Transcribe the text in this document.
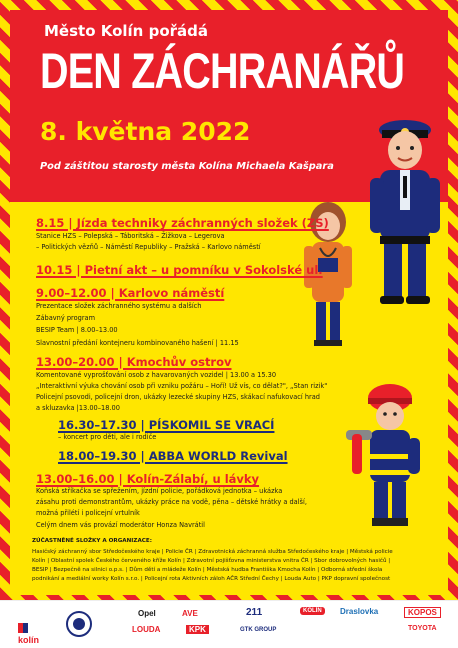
Město Kolín pořádá
DEN ZÁCHRANÁŘŮ
8. května 2022
Pod záštitou starosty města Kolína Michaela Kašpara
8.15 | Jízda techniky záchranných složek (ZS)
Stanice HZS – Polepská – Táboritská – Žižkova – Legerova
– Politických vězňů – Náměstí Republiky – Pražská – Karlovo náměstí
10.15 | Pietní akt – u pomníku v Sokolské ul.
9.00–12.00 | Karlovo náměstí
Prezentace složek záchranného systému a dalších
Zábavný program
BESIP Team | 8.00–13.00
Slavnostní předání kontejneru kombinovaného hašení | 11.15
13.00–20.00 | Kmochův ostrov
Komentované vyprošťování osob z havarovaných vozidel | 13.00 a 15.30
„Interaktivní výuka chování osob při vzniku požáru – Hoří! Už vís, co dělat?", „Stan rizik"
Policejní psovodi, policejní dron, ukázky lezecké skupiny HZS, skákací nafukovací hrad
a skluzavka |13.00–18.00
16.30–17.30 | PÍSKOMIL SE VRACÍ
– koncert pro děti, ale i rodiče
18.00–19.30 | ABBA WORLD Revival
13.00–16.00 | Kolín-Zálabí, u lávky
Koňská stříkačka se spřežením, jízdní policie, pořádková jednotka – ukázka
zásahu proti demonstrantům, ukázky práce na vodě, pěna – dětské hrátky a další,
možná přilétí i policejní vrtulník
Celým dnem vás provází moderátor Honza Navrátil
ZÚČASTNĚNÉ SLOŽKY A ORGANIZACE:
Hasičský záchranný sbor Středočeského kraje | Policie ČR | Zdravotnická záchranná služba Středočeského kraje | Městská policie
Kolín | Oblastní spolek Českého červeného kříže Kolín | Zdravotní pojišťovna ministerstva vnitra ČR | Sbor dobrovolných hasičů |
BESIP | Bezpečně na silnici o.p.s. | Dům dětí a mládeže Kolín | Městská hudba Františka Kmocha Kolín | Odborná střední škola
podnikání a mediální worky Kolín s.r.o. | Policejní rota Aktivních záloh AČR Střední Čechy | Louda Auto | PKP dopravní společnost
kolín
Opel	AVE	211	KOLÍN	Draslovka	KOPOS
LOUDA	KPK	GTK GROUP	TOYOTA
